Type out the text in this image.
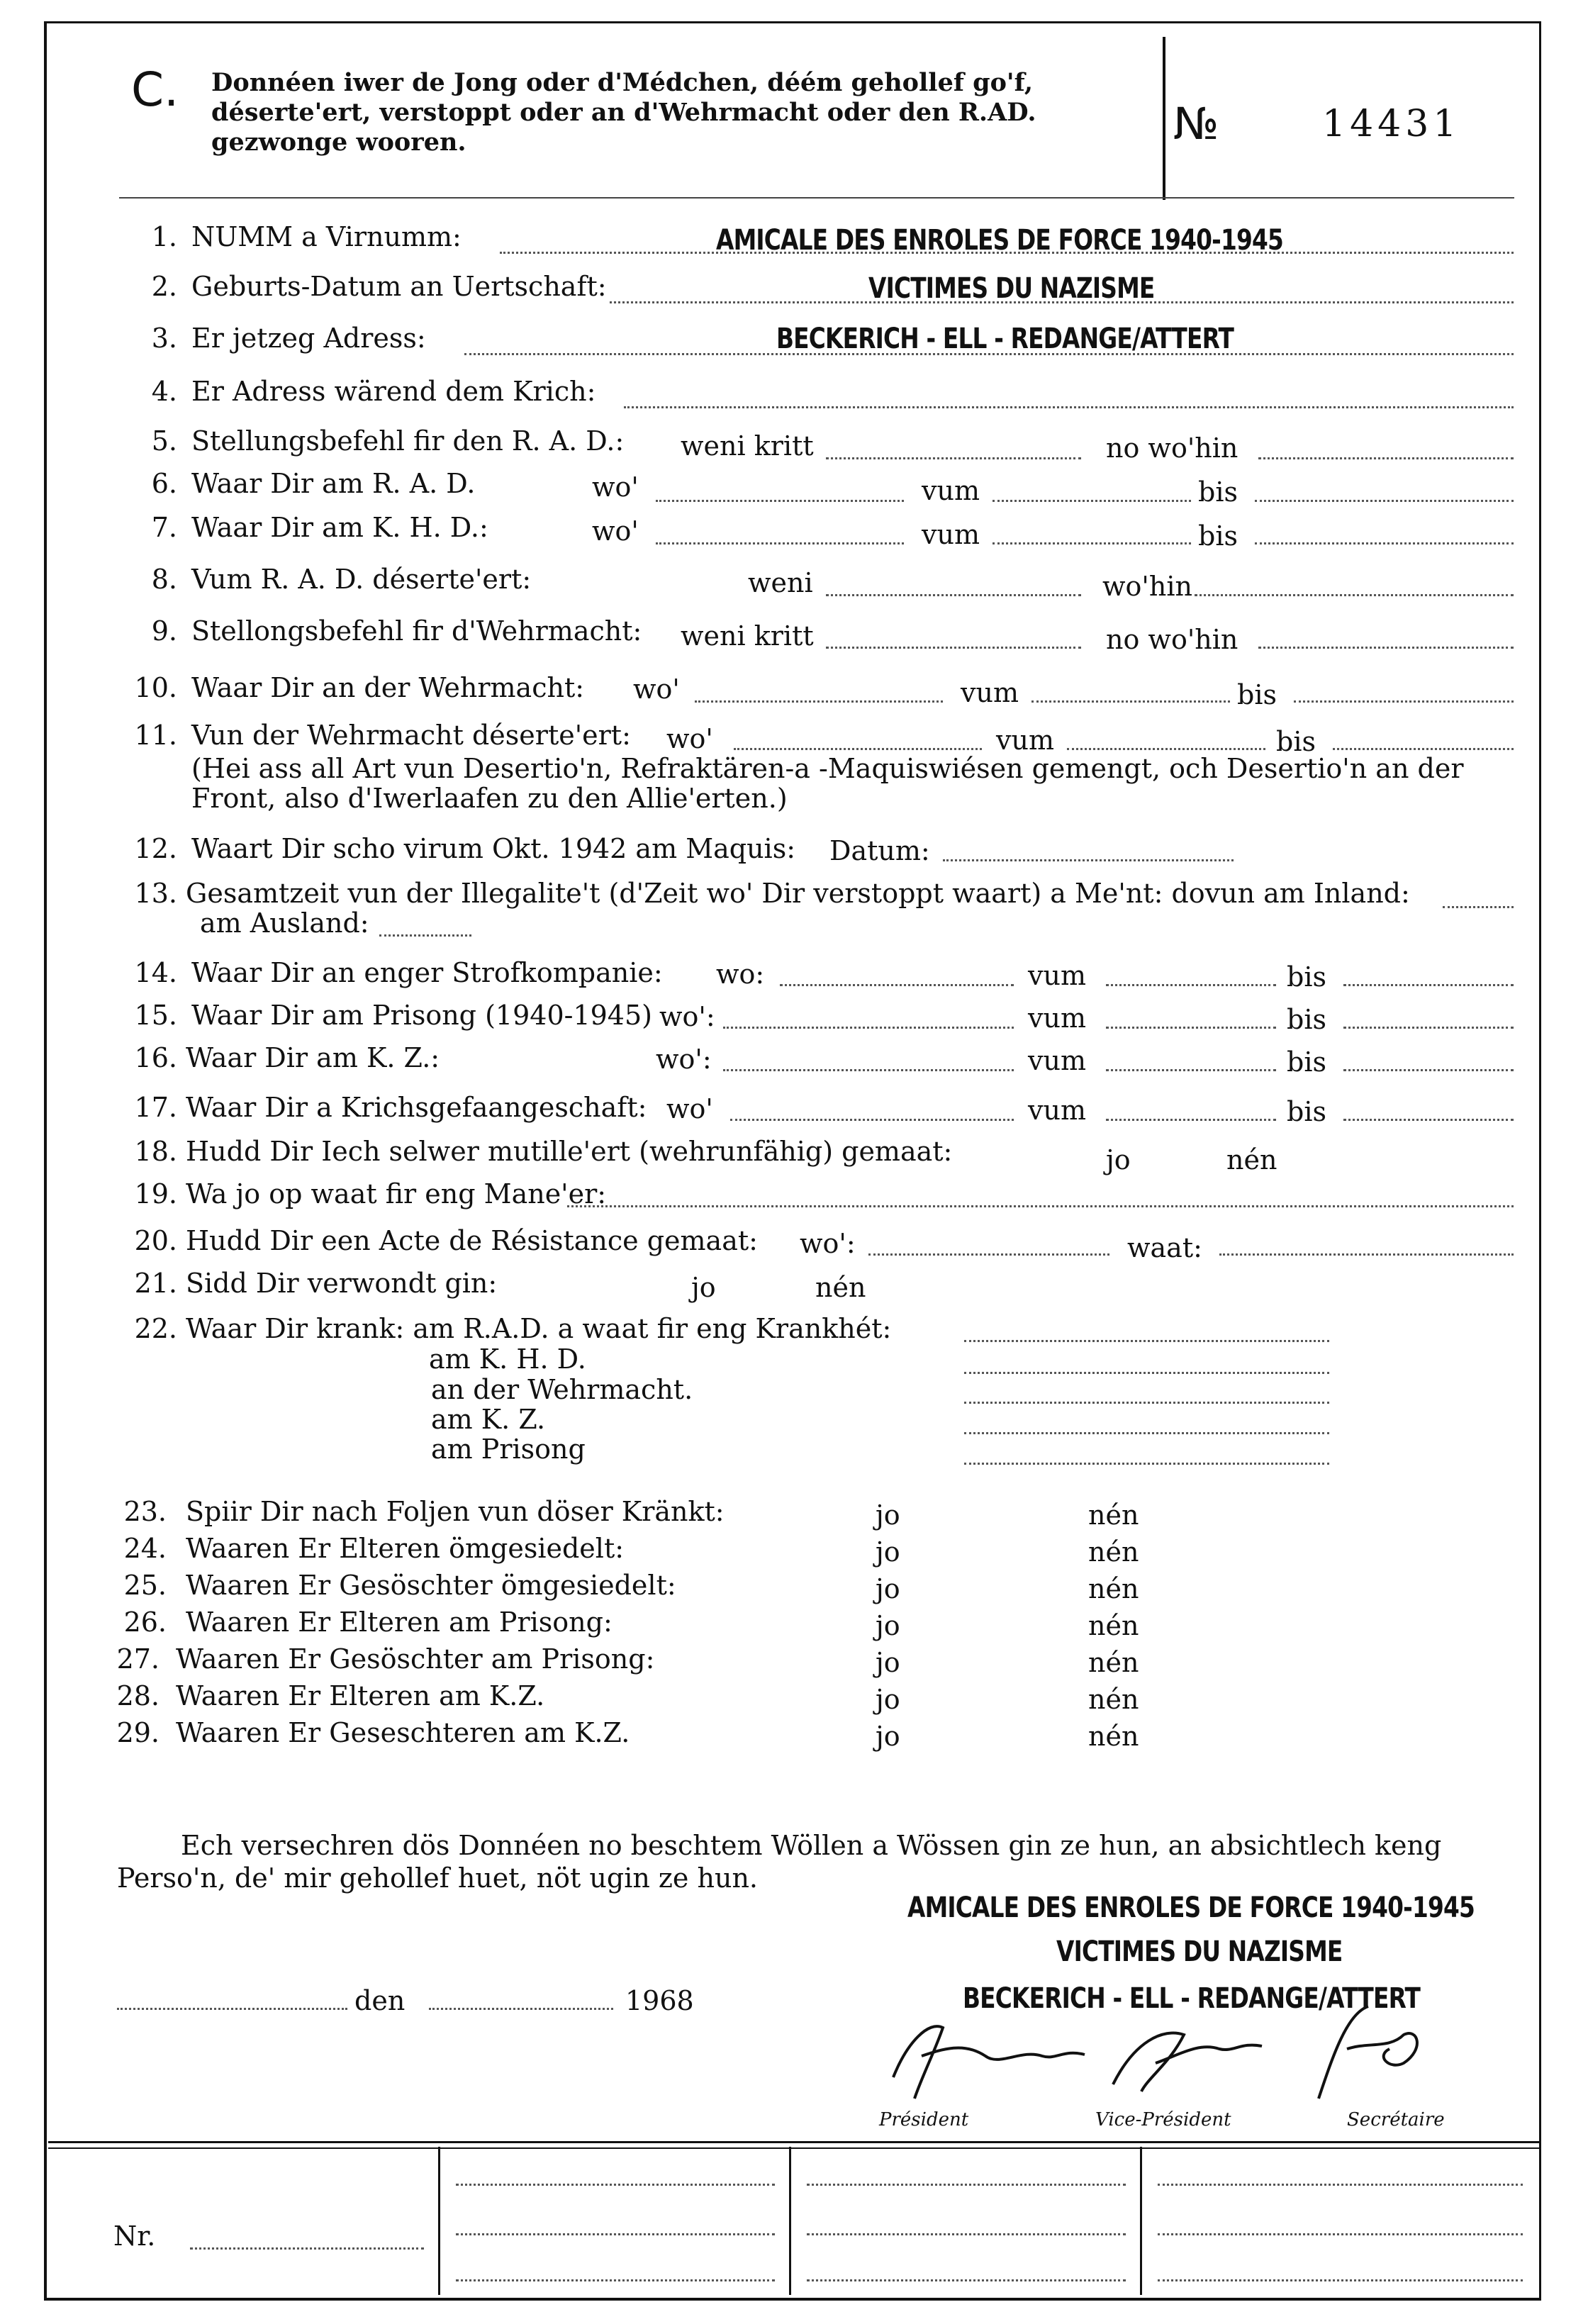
C. Donnéen iwer de Jong oder d'Médchen, déém gehollef go'f, déserte'ert, verstoppt oder an d'Wehrmacht oder den R.AD. gezwonge wooren.	№	14431
1. NUMM a Virnumm:	AMICALE DES ENROLES DE FORCE 1940-1945
2. Geburts-Datum an Uertschaft:	VICTIMES DU NAZISME
3. Er jetzeg Adress:	BECKERICH - ELL - REDANGE/ATTERT
4. Er Adress wärend dem Krich:
5. Stellungsbefehl fir den R. A. D.: weni kritt	no wo'hin
6. Waar Dir am R. A. D.	wo'	vum	bis
7. Waar Dir am K. H. D.:	wo'	vum	bis
8. Vum R. A. D. déserte'ert:	weni	wo'hin
9. Stellongsbefehl fir d'Wehrmacht: weni kritt	no wo'hin
10. Waar Dir an der Wehrmacht: wo'	vum	bis
11. Vun der Wehrmacht déserte'ert: wo'	vum	bis
(Hei ass all Art vun Desertio'n, Refraktären-a -Maquiswiésen gemengt, och Desertio'n an der
Front, also d'Iwerlaafen zu den Allie'erten.)
12. Waart Dir scho virum Okt. 1942 am Maquis: Datum:
13. Gesamtzeit vun der Illegalite't (d'Zeit wo' Dir verstoppt waart) a Me'nt: dovun am Inland:
am Ausland:
14. Waar Dir an enger Strofkompanie: wo:	vum	bis
15. Waar Dir am Prisong (1940-1945) wo':	vum	bis
16. Waar Dir am K. Z.:	wo':	vum	bis
17. Waar Dir a Krichsgefaangeschaft: wo'	vum	bis
18. Hudd Dir Iech selwer mutille'ert (wehrunfähig) gemaat:	jo	nén
19. Wa jo op waat fir eng Mane'er:
20. Hudd Dir een Acte de Résistance gemaat: wo':	waat:
21. Sidd Dir verwondt gin:	jo	nén
22. Waar Dir krank: am R.A.D. a waat fir eng Krankhét:
am K. H. D.
an der Wehrmacht.
am K. Z.
am Prisong
23. Spiir Dir nach Foljen vun döser Kränkt:	jo	nén
24. Waaren Er Elteren ömgesiedelt:	jo	nén
25. Waaren Er Gesöschter ömgesiedelt:	jo	nén
26. Waaren Er Elteren am Prisong:	jo	nén
27. Waaren Er Gesöschter am Prisong:	jo	nén
28. Waaren Er Elteren am K.Z.	jo	nén
29. Waaren Er Geseschteren am K.Z.	jo	nén
Ech versechren dös Donnéen no beschtem Wöllen a Wössen gin ze hun, an absichtlech keng Perso'n, de' mir gehollef huet, nöt ugin ze hun.
AMICALE DES ENROLES DE FORCE 1940-1945
VICTIMES DU NAZISME
BECKERICH - ELL - REDANGE/ATTERT
den	1968
Président	Vice-Président	Secrétaire
Nr.
